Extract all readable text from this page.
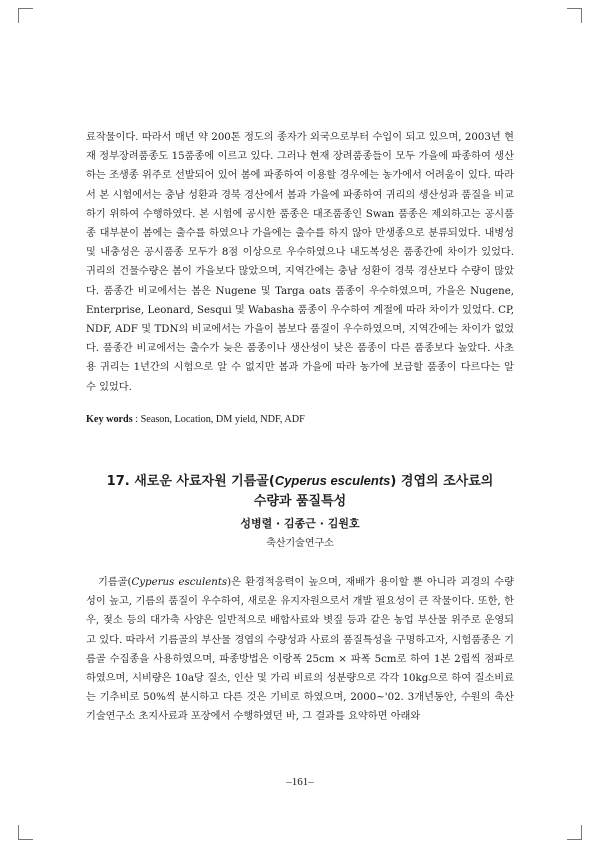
료작물이다. 따라서 매년 약 200톤 정도의 종자가 외국으로부터 수입이 되고 있으며, 2003년 현재 정부장려품종도 15품종에 이르고 있다. 그러나 현재 장려품종들이 모두 가을에 파종하여 생산하는 조생종 위주로 선발되어 있어 봄에 파종하여 이용할 경우에는 농가에서 어려움이 있다. 따라서 본 시험에서는 충남 성환과 경북 경산에서 봄과 가을에 파종하여 귀리의 생산성과 품질을 비교하기 위하여 수행하였다. 본 시험에 공시한 품종은 대조품종인 Swan 품종은 제외하고는 공시품종 대부분이 봄에는 출수를 하였으나 가을에는 출수를 하지 않아 만생종으로 분류되었다. 내병성 및 내충성은 공시품종 모두가 8점 이상으로 우수하였으나 내도복성은 품종간에 차이가 있었다. 귀리의 건물수량은 봄이 가을보다 많았으며, 지역간에는 충남 성환이 경북 경산보다 수량이 많았다. 품종간 비교에서는 봄은 Nugene 및 Targa oats 품종이 우수하였으며, 가을은 Nugene, Enterprise, Leonard, Sesqui 및 Wabasha 품종이 우수하여 계절에 따라 차이가 있었다. CP, NDF, ADF 및 TDN의 비교에서는 가을이 봄보다 품질이 우수하였으며, 지역간에는 차이가 없었다. 품종간 비교에서는 출수가 늦은 품종이나 생산성이 낮은 품종이 다른 품종보다 높았다. 사초용 귀리는 1년간의 시험으로 알 수 없지만 봄과 가을에 따라 농가에 보급할 품종이 다르다는 알 수 있었다.

Key words : Season, Location, DM yield, NDF, ADF
17. 새로운 사료자원 기름골(Cyperus esculents) 경엽의 조사료의
수량과 품질특성
성병렬 · 김종근 · 김원호
축산기술연구소
기름골(Cyperus esculents)은 환경적응력이 높으며, 재배가 용이할 뿐 아니라 괴경의 수량성이 높고, 기름의 품질이 우수하여, 새로운 유지자원으로서 개발 필요성이 큰 작물이다. 또한, 한우, 젖소 등의 대가축 사양은 일반적으로 배합사료와 볏짚 등과 같은 농업 부산물 위주로 운영되고 있다. 따라서 기름골의 부산물 경엽의 수량성과 사료의 품질특성을 구명하고자, 시험품종은 기름골 수집종을 사용하였으며, 파종방법은 이랑폭 25cm × 파폭 5cm로 하여 1본 2립씩 점파로 하였으며, 시비량은 10a당 질소, 인산 및 가리 비료의 성분량으로 각각 10kg으로 하여 질소비료는 기추비로 50%씩 분시하고 다른 것은 기비로 하였으며, 2000~'02. 3개년동안, 수원의 축산기술연구소 초지사료과 포장에서 수행하였던 바, 그 결과를 요약하면 아래와
–161–
